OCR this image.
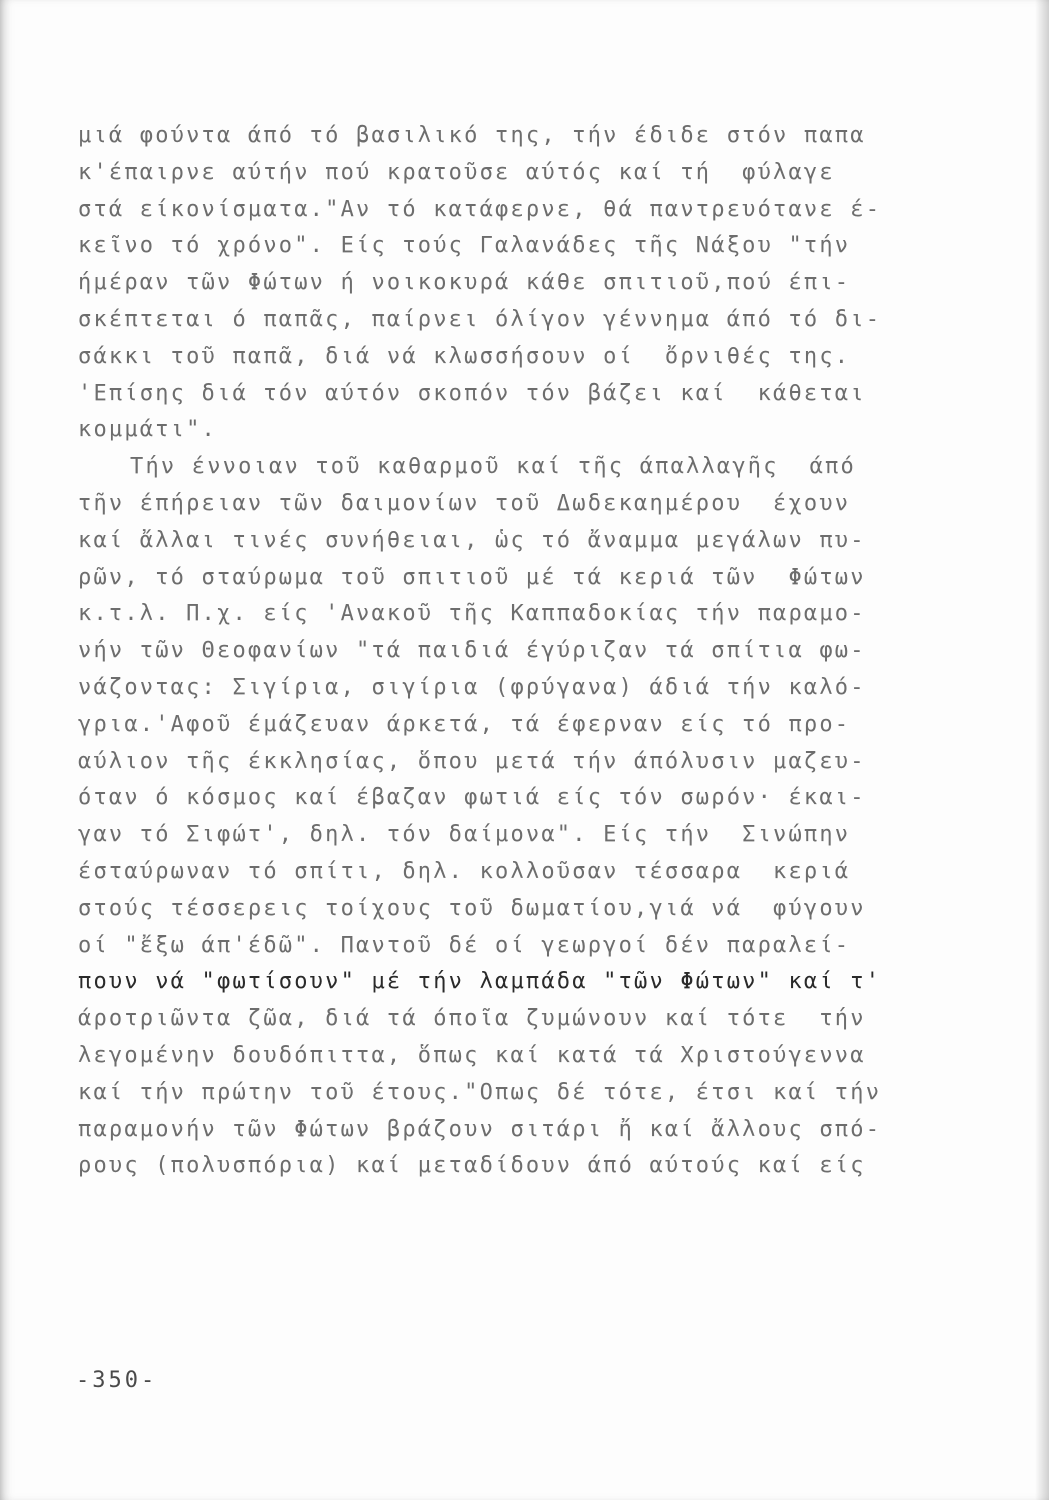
μιά φούντα άπό τό βασιλικό της, τήν έδιδε στόν παπα
κ'έπαιρνε αύτήν πού κρατοῦσε αύτός καί τή  φύλαγε
στά είκονίσματα."Αν τό κατάφερνε, θά παντρευότανε έ-
κεῖνο τό χρόνο". Είς τούς Γαλανάδες τῆς Νάξου "τήν
ήμέραν τῶν Φώτων ή νοικοκυρά κάθε σπιτιοῦ,πού έπι-
σκέπτεται ό παπᾶς, παίρνει όλίγον γέννημα άπό τό δι-
σάκκι τοῦ παπᾶ, διά νά κλωσσήσουν οί  ὄρνιθές της.
'Επίσης διά τόν αύτόν σκοπόν τόν βάζει καί  κάθεται
κομμάτι".
Τήν έννοιαν τοῦ καθαρμοῦ καί τῆς άπαλλαγῆς  άπό
τῆν έπήρειαν τῶν δαιμονίων τοῦ Δωδεκαημέρου  έχουν
καί ἄλλαι τινές συνήθειαι, ὡς τό ἄναμμα μεγάλων πυ-
ρῶν, τό σταύρωμα τοῦ σπιτιοῦ μέ τά κεριά τῶν  Φώτων
κ.τ.λ. Π.χ. είς 'Ανακοῦ τῆς Καππαδοκίας τήν παραμο-
νήν τῶν Θεοφανίων "τά παιδιά έγύριζαν τά σπίτια φω-
νάζοντας: Σιγίρια, σιγίρια (φρύγανα) άδιά τήν καλό-
γρια.'Αφοῦ έμάζευαν άρκετά, τά έφερναν είς τό προ-
αύλιον τῆς έκκλησίας, ὅπου μετά τήν άπόλυσιν μαζευ-
όταν ό κόσμος καί έβαζαν φωτιά είς τόν σωρόν· έκαι-
γαν τό Σιφώτ', δηλ. τόν δαίμονα". Είς τήν  Σινώπην
έσταύρωναν τό σπίτι, δηλ. κολλοῦσαν τέσσαρα  κεριά
στούς τέσσερεις τοίχους τοῦ δωματίου,γιά νά  φύγουν
οί "ἔξω άπ'έδῶ". Παντοῦ δέ οί γεωργοί δέν παραλεί-
πουν νά "φωτίσουν" μέ τήν λαμπάδα "τῶν Φώτων" καί τ'
άροτριῶντα ζῶα, διά τά όποῖα ζυμώνουν καί τότε  τήν
λεγομένην δουδόπιττα, ὅπως καί κατά τά Χριστούγεννα
καί τήν πρώτην τοῦ έτους."Οπως δέ τότε, έτσι καί τήν
παραμονήν τῶν Φώτων βράζουν σιτάρι ἤ καί ἄλλους σπό-
ρους (πολυσπόρια) καί μεταδίδουν άπό αύτούς καί είς
-350-
